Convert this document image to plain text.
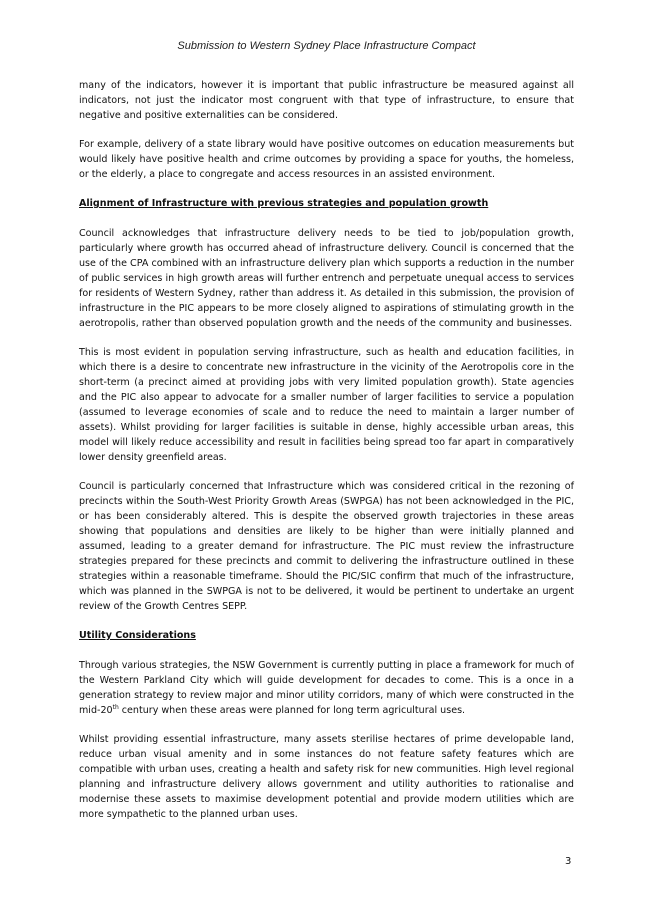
Submission to Western Sydney Place Infrastructure Compact

many of the indicators, however it is important that public infrastructure be measured against all indicators, not just the indicator most congruent with that type of infrastructure, to ensure that negative and positive externalities can be considered.

For example, delivery of a state library would have positive outcomes on education measurements but would likely have positive health and crime outcomes by providing a space for youths, the homeless, or the elderly, a place to congregate and access resources in an assisted environment.

Alignment of Infrastructure with previous strategies and population growth

Council acknowledges that infrastructure delivery needs to be tied to job/population growth, particularly where growth has occurred ahead of infrastructure delivery. Council is concerned that the use of the CPA combined with an infrastructure delivery plan which supports a reduction in the number of public services in high growth areas will further entrench and perpetuate unequal access to services for residents of Western Sydney, rather than address it. As detailed in this submission, the provision of infrastructure in the PIC appears to be more closely aligned to aspirations of stimulating growth in the aerotropolis, rather than observed population growth and the needs of the community and businesses.

This is most evident in population serving infrastructure, such as health and education facilities, in which there is a desire to concentrate new infrastructure in the vicinity of the Aerotropolis core in the short-term (a precinct aimed at providing jobs with very limited population growth). State agencies and the PIC also appear to advocate for a smaller number of larger facilities to service a population (assumed to leverage economies of scale and to reduce the need to maintain a larger number of assets). Whilst providing for larger facilities is suitable in dense, highly accessible urban areas, this model will likely reduce accessibility and result in facilities being spread too far apart in comparatively lower density greenfield areas.

Council is particularly concerned that Infrastructure which was considered critical in the rezoning of precincts within the South-West Priority Growth Areas (SWPGA) has not been acknowledged in the PIC, or has been considerably altered. This is despite the observed growth trajectories in these areas showing that populations and densities are likely to be higher than were initially planned and assumed, leading to a greater demand for infrastructure. The PIC must review the infrastructure strategies prepared for these precincts and commit to delivering the infrastructure outlined in these strategies within a reasonable timeframe. Should the PIC/SIC confirm that much of the infrastructure, which was planned in the SWPGA is not to be delivered, it would be pertinent to undertake an urgent review of the Growth Centres SEPP.

Utility Considerations

Through various strategies, the NSW Government is currently putting in place a framework for much of the Western Parkland City which will guide development for decades to come. This is a once in a generation strategy to review major and minor utility corridors, many of which were constructed in the mid-20th century when these areas were planned for long term agricultural uses.

Whilst providing essential infrastructure, many assets sterilise hectares of prime developable land, reduce urban visual amenity and in some instances do not feature safety features which are compatible with urban uses, creating a health and safety risk for new communities. High level regional planning and infrastructure delivery allows government and utility authorities to rationalise and modernise these assets to maximise development potential and provide modern utilities which are more sympathetic to the planned urban uses.

3
